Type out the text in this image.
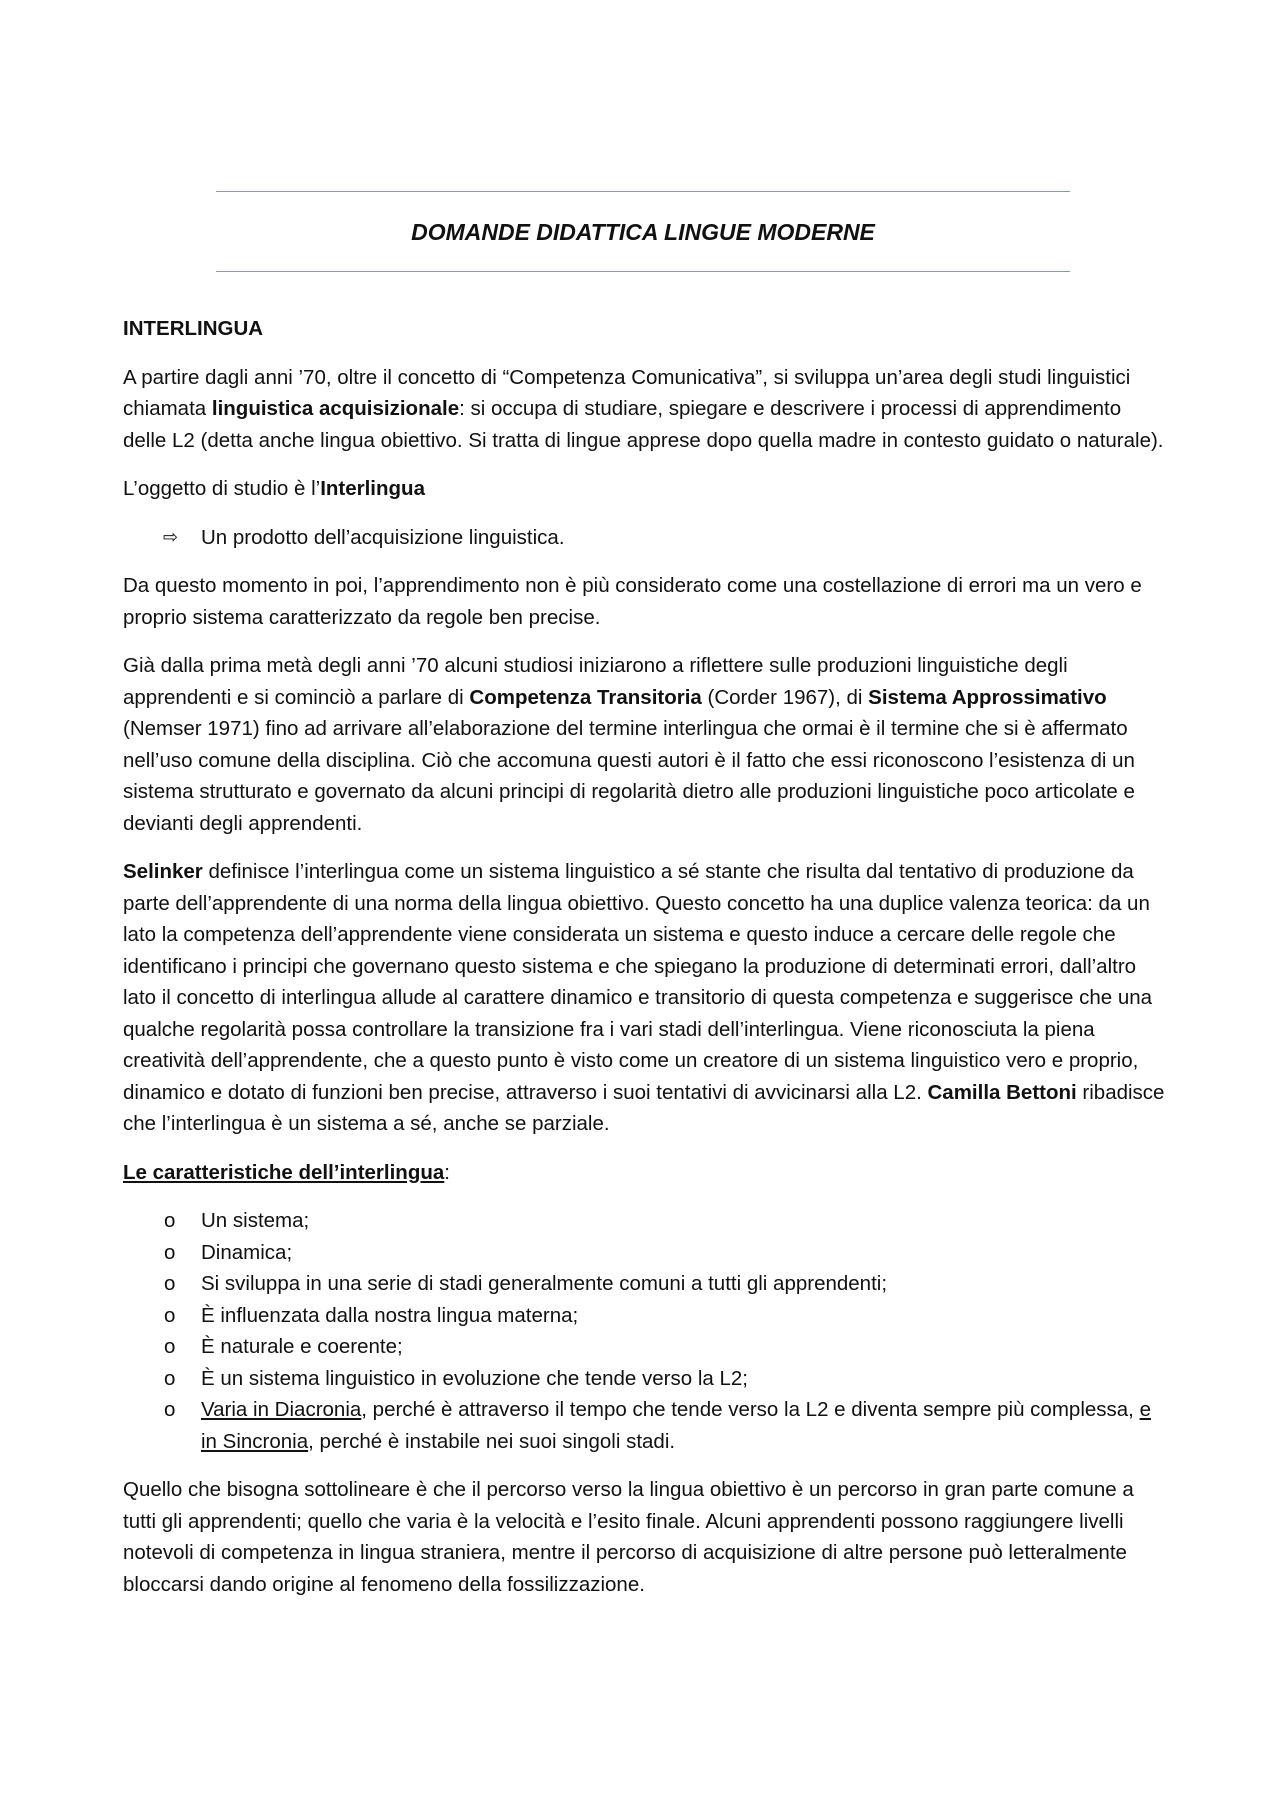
DOMANDE DIDATTICA LINGUE MODERNE

INTERLINGUA

A partire dagli anni ’70, oltre il concetto di “Competenza Comunicativa”, si sviluppa un’area degli studi linguistici chiamata linguistica acquisizionale: si occupa di studiare, spiegare e descrivere i processi di apprendimento delle L2 (detta anche lingua obiettivo. Si tratta di lingue apprese dopo quella madre in contesto guidato o naturale).

L’oggetto di studio è l’Interlingua

⇨	Un prodotto dell’acquisizione linguistica.

Da questo momento in poi, l’apprendimento non è più considerato come una costellazione di errori ma un vero e proprio sistema caratterizzato da regole ben precise.

Già dalla prima metà degli anni ’70 alcuni studiosi iniziarono a riflettere sulle produzioni linguistiche degli apprendenti e si cominciò a parlare di Competenza Transitoria (Corder 1967), di Sistema Approssimativo (Nemser 1971) fino ad arrivare all’elaborazione del termine interlingua che ormai è il termine che si è affermato nell’uso comune della disciplina. Ciò che accomuna questi autori è il fatto che essi riconoscono l’esistenza di un sistema strutturato e governato da alcuni principi di regolarità dietro alle produzioni linguistiche poco articolate e devianti degli apprendenti.

Selinker definisce l’interlingua come un sistema linguistico a sé stante che risulta dal tentativo di produzione da parte dell’apprendente di una norma della lingua obiettivo. Questo concetto ha una duplice valenza teorica: da un lato la competenza dell’apprendente viene considerata un sistema e questo induce a cercare delle regole che identificano i principi che governano questo sistema e che spiegano la produzione di determinati errori, dall’altro lato il concetto di interlingua allude al carattere dinamico e transitorio di questa competenza e suggerisce che una qualche regolarità possa controllare la transizione fra i vari stadi dell’interlingua. Viene riconosciuta la piena creatività dell’apprendente, che a questo punto è visto come un creatore di un sistema linguistico vero e proprio, dinamico e dotato di funzioni ben precise, attraverso i suoi tentativi di avvicinarsi alla L2. Camilla Bettoni ribadisce che l’interlingua è un sistema a sé, anche se parziale.

Le caratteristiche dell’interlingua:

o Un sistema;
o Dinamica;
o Si sviluppa in una serie di stadi generalmente comuni a tutti gli apprendenti;
o È influenzata dalla nostra lingua materna;
o È naturale e coerente;
o È un sistema linguistico in evoluzione che tende verso la L2;
o Varia in Diacronia, perché è attraverso il tempo che tende verso la L2 e diventa sempre più complessa, e in Sincronia, perché è instabile nei suoi singoli stadi.

Quello che bisogna sottolineare è che il percorso verso la lingua obiettivo è un percorso in gran parte comune a tutti gli apprendenti; quello che varia è la velocità e l’esito finale. Alcuni apprendenti possono raggiungere livelli notevoli di competenza in lingua straniera, mentre il percorso di acquisizione di altre persone può letteralmente bloccarsi dando origine al fenomeno della fossilizzazione.
